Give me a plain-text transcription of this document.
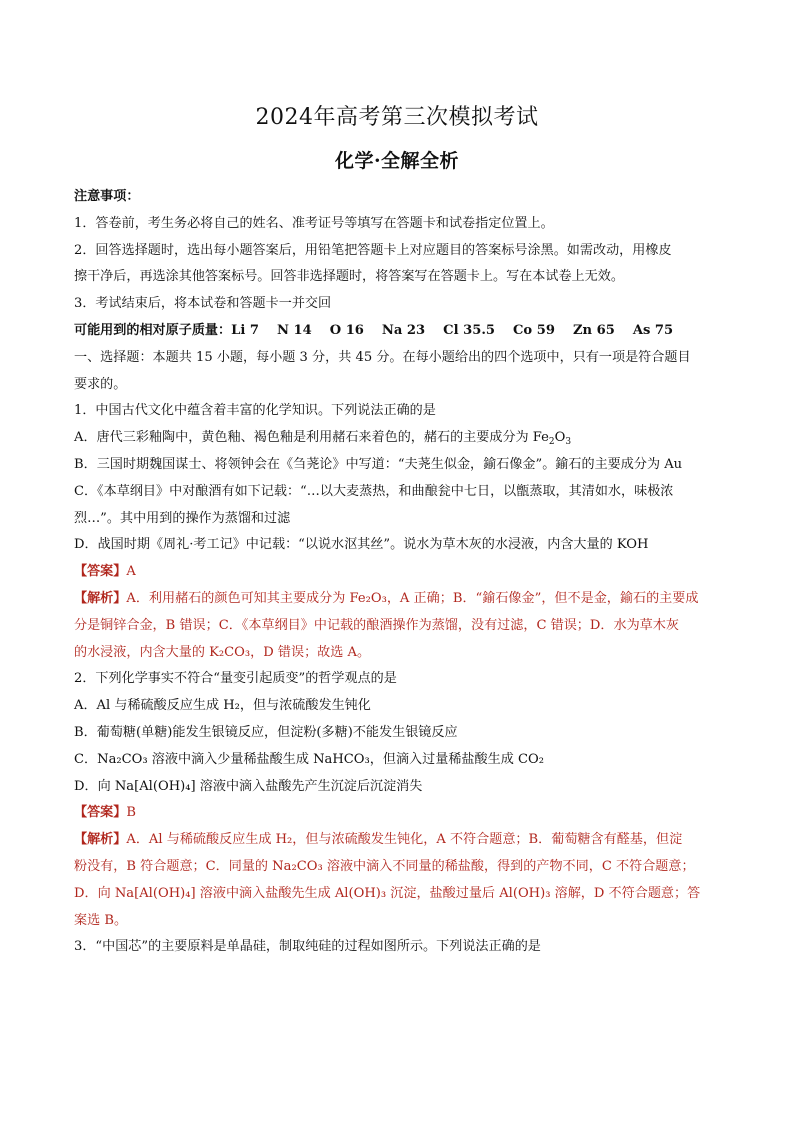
2024年高考第三次模拟考试
化学·全解全析
注意事项：
1．答卷前，考生务必将自己的姓名、准考证号等填写在答题卡和试卷指定位置上。
2．回答选择题时，选出每小题答案后，用铅笔把答题卡上对应题目的答案标号涂黑。如需改动，用橡皮
擦干净后，再选涂其他答案标号。回答非选择题时，将答案写在答题卡上。写在本试卷上无效。
3．考试结束后，将本试卷和答题卡一并交回
可能用到的相对原子质量：Li 7 N 14 O 16 Na 23 Cl 35.5 Co 59 Zn 65 As 75
一、选择题：本题共 15 小题，每小题 3 分，共 45 分。在每小题给出的四个选项中，只有一项是符合题目
要求的。
1．中国古代文化中蕴含着丰富的化学知识。下列说法正确的是
A．唐代三彩釉陶中，黄色釉、褐色釉是利用赭石来着色的，赭石的主要成分为 $Fe_2O_3$
B．三国时期魏国谋士、将领钟会在《刍荛论》中写道：“夫荛生似金，鍮石像金”。鍮石的主要成分为 Au
C．《本草纲目》中对酿酒有如下记载：“…以大麦蒸热，和曲酿瓮中七日，以甑蒸取，其清如水，味极浓
烈…”。其中用到的操作为蒸馏和过滤
D．战国时期《周礼·考工记》中记载：“以说水沤其丝”。说水为草木灰的水浸液，内含大量的 KOH
【答案】A
【解析】A．利用赭石的颜色可知其主要成分为 Fe₂O₃，A 正确；B．“鍮石像金”，但不是金，鍮石的主要成
分是铜锌合金，B 错误；C．《本草纲目》中记载的酿酒操作为蒸馏，没有过滤，C 错误；D．水为草木灰
的水浸液，内含大量的 K₂CO₃，D 错误；故选 A。
2．下列化学事实不符合“量变引起质变”的哲学观点的是
A．Al 与稀硫酸反应生成 H₂，但与浓硫酸发生钝化
B．葡萄糖(单糖)能发生银镜反应，但淀粉(多糖)不能发生银镜反应
C．Na₂CO₃ 溶液中滴入少量稀盐酸生成 NaHCO₃，但滴入过量稀盐酸生成 CO₂
D．向 Na[Al(OH)₄] 溶液中滴入盐酸先产生沉淀后沉淀消失
【答案】B
【解析】A．Al 与稀硫酸反应生成 H₂，但与浓硫酸发生钝化，A 不符合题意；B．葡萄糖含有醛基，但淀
粉没有，B 符合题意；C．同量的 Na₂CO₃ 溶液中滴入不同量的稀盐酸，得到的产物不同，C 不符合题意；
D．向 Na[Al(OH)₄] 溶液中滴入盐酸先生成 Al(OH)₃ 沉淀，盐酸过量后 Al(OH)₃ 溶解，D 不符合题意；答
案选 B。
3．“中国芯”的主要原料是单晶硅，制取纯硅的过程如图所示。下列说法正确的是
